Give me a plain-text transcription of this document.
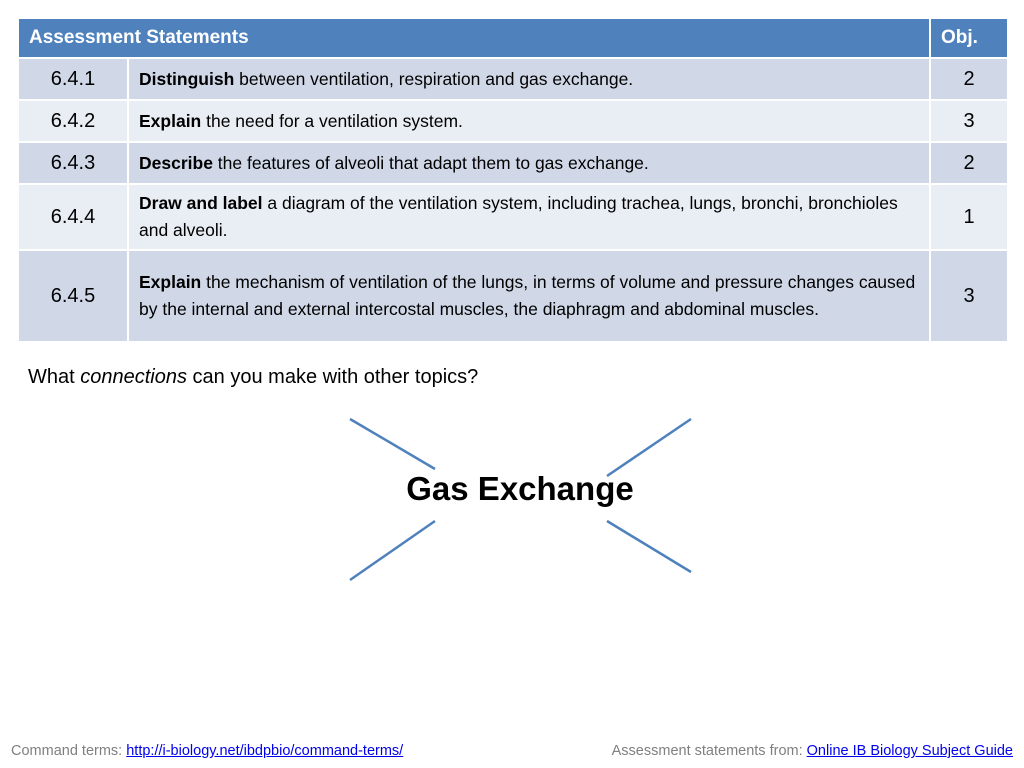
Assessment Statements		Obj.
6.4.1	Distinguish between ventilation, respiration and gas exchange.	2
6.4.2	Explain the need for a ventilation system.	3
6.4.3	Describe the features of alveoli that adapt them to gas exchange.	2
6.4.4	Draw and label a diagram of the ventilation system, including trachea, lungs, bronchi, bronchioles and alveoli.	1
6.4.5	Explain the mechanism of ventilation of the lungs, in terms of volume and pressure changes caused by the internal and external intercostal muscles, the diaphragm and abdominal muscles.	3
What connections can you make with other topics?
Gas Exchange
Command terms: http://i-biology.net/ibdpbio/command-terms/	Assessment statements from: Online IB Biology Subject Guide
